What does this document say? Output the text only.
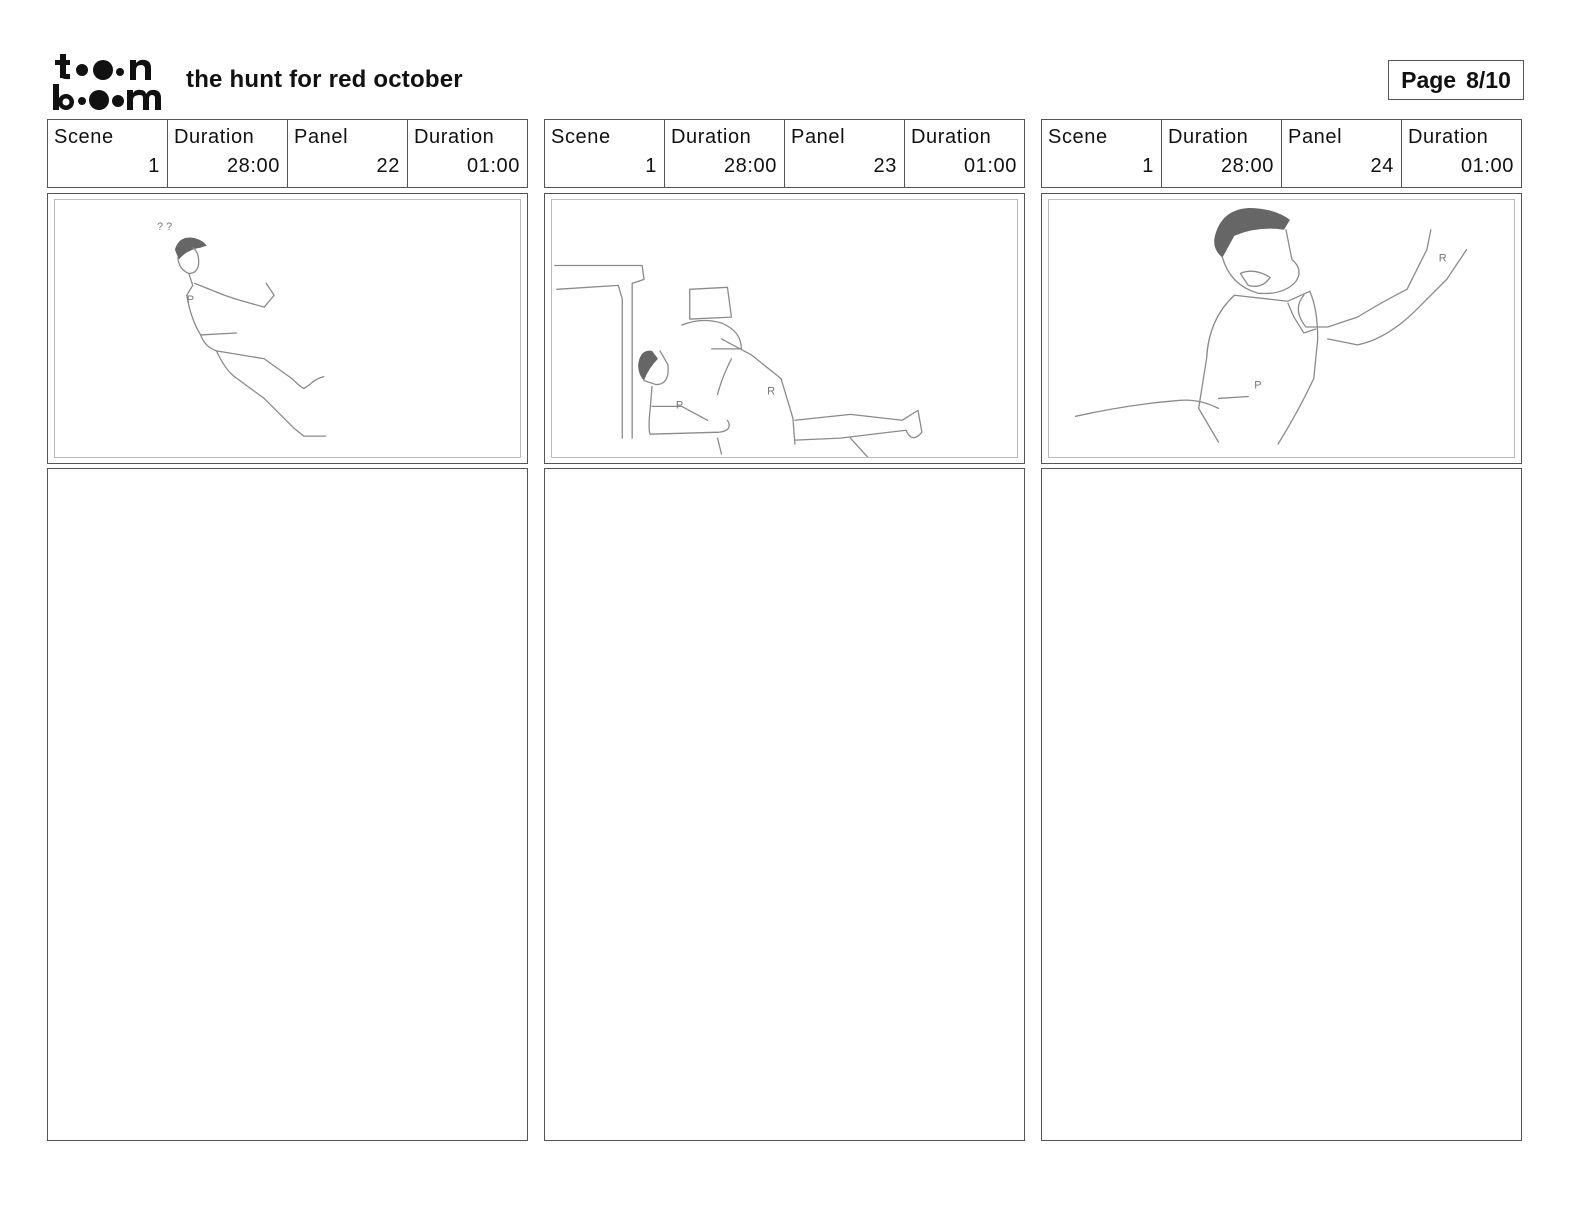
the hunt for red october	Page 8/10
Scene
1
Duration
28:00
Panel
22
Duration
01:00
? ?
P
Scene
1
Duration
28:00
Panel
23
Duration
01:00
P
R
Scene
1
Duration
28:00
Panel
24
Duration
01:00
R
P
